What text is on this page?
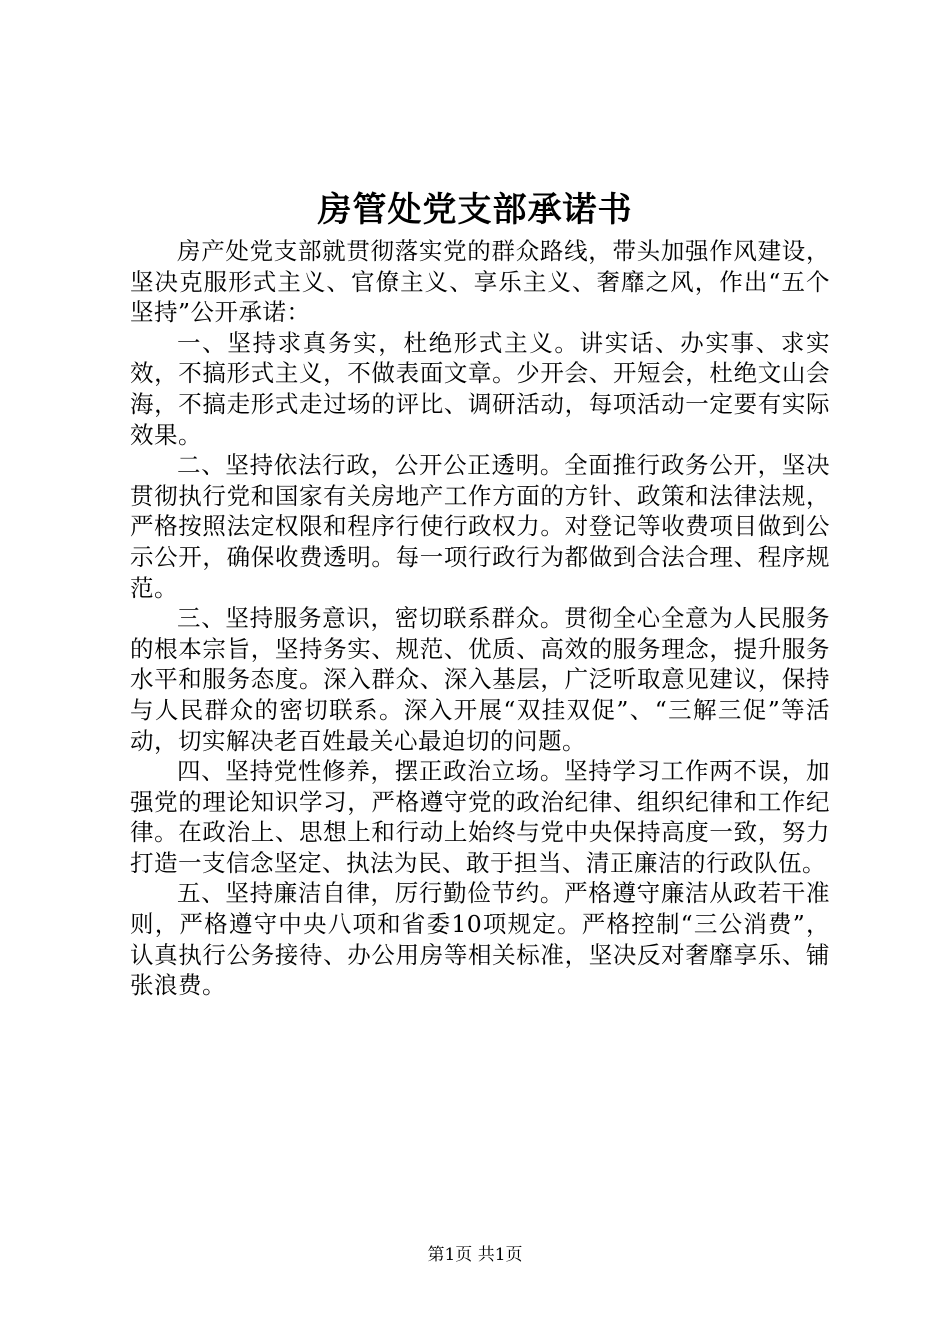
房管处党支部承诺书

房产处党支部就贯彻落实党的群众路线，带头加强作风建设，坚决克服形式主义、官僚主义、享乐主义、奢靡之风，作出“五个坚持”公开承诺：

一、坚持求真务实，杜绝形式主义。讲实话、办实事、求实效，不搞形式主义，不做表面文章。少开会、开短会，杜绝文山会海，不搞走形式走过场的评比、调研活动，每项活动一定要有实际效果。

二、坚持依法行政，公开公正透明。全面推行政务公开，坚决贯彻执行党和国家有关房地产工作方面的方针、政策和法律法规，严格按照法定权限和程序行使行政权力。对登记等收费项目做到公示公开，确保收费透明。每一项行政行为都做到合法合理、程序规范。

三、坚持服务意识，密切联系群众。贯彻全心全意为人民服务的根本宗旨，坚持务实、规范、优质、高效的服务理念，提升服务水平和服务态度。深入群众、深入基层，广泛听取意见建议，保持与人民群众的密切联系。深入开展“双挂双促”、“三解三促”等活动，切实解决老百姓最关心最迫切的问题。

四、坚持党性修养，摆正政治立场。坚持学习工作两不误，加强党的理论知识学习，严格遵守党的政治纪律、组织纪律和工作纪律。在政治上、思想上和行动上始终与党中央保持高度一致，努力打造一支信念坚定、执法为民、敢于担当、清正廉洁的行政队伍。

五、坚持廉洁自律，厉行勤俭节约。严格遵守廉洁从政若干准则，严格遵守中央八项和省委10项规定。严格控制“三公消费”，认真执行公务接待、办公用房等相关标准，坚决反对奢靡享乐、铺张浪费。

第1页 共1页
